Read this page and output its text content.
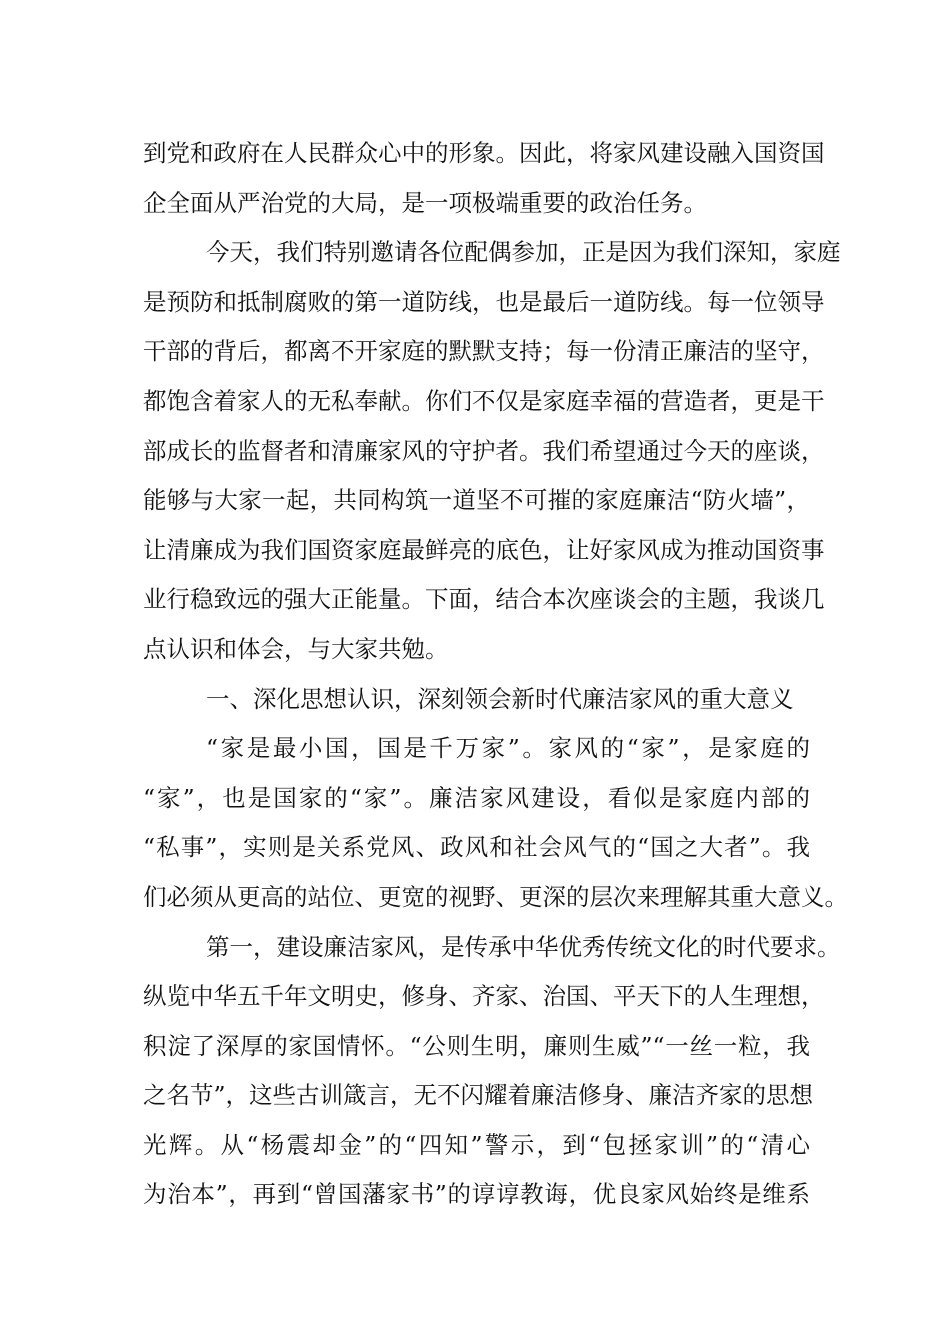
到党和政府在人民群众心中的形象。因此，将家风建设融入国资国
企全面从严治党的大局，是一项极端重要的政治任务。
今天，我们特别邀请各位配偶参加，正是因为我们深知，家庭
是预防和抵制腐败的第一道防线，也是最后一道防线。每一位领导
干部的背后，都离不开家庭的默默支持；每一份清正廉洁的坚守，
都饱含着家人的无私奉献。你们不仅是家庭幸福的营造者，更是干
部成长的监督者和清廉家风的守护者。我们希望通过今天的座谈，
能够与大家一起，共同构筑一道坚不可摧的家庭廉洁“防火墙”，
让清廉成为我们国资家庭最鲜亮的底色，让好家风成为推动国资事
业行稳致远的强大正能量。下面，结合本次座谈会的主题，我谈几
点认识和体会，与大家共勉。
一、深化思想认识，深刻领会新时代廉洁家风的重大意义
“家是最小国，国是千万家”。家风的“家”，是家庭的
“家”，也是国家的“家”。廉洁家风建设，看似是家庭内部的
“私事”，实则是关系党风、政风和社会风气的“国之大者”。我
们必须从更高的站位、更宽的视野、更深的层次来理解其重大意义。
第一，建设廉洁家风，是传承中华优秀传统文化的时代要求。
纵览中华五千年文明史，修身、齐家、治国、平天下的人生理想，
积淀了深厚的家国情怀。“公则生明，廉则生威”“一丝一粒，我
之名节”，这些古训箴言，无不闪耀着廉洁修身、廉洁齐家的思想
光辉。从“杨震却金”的“四知”警示，到“包拯家训”的“清心
为治本”，再到“曾国藩家书”的谆谆教诲，优良家风始终是维系
